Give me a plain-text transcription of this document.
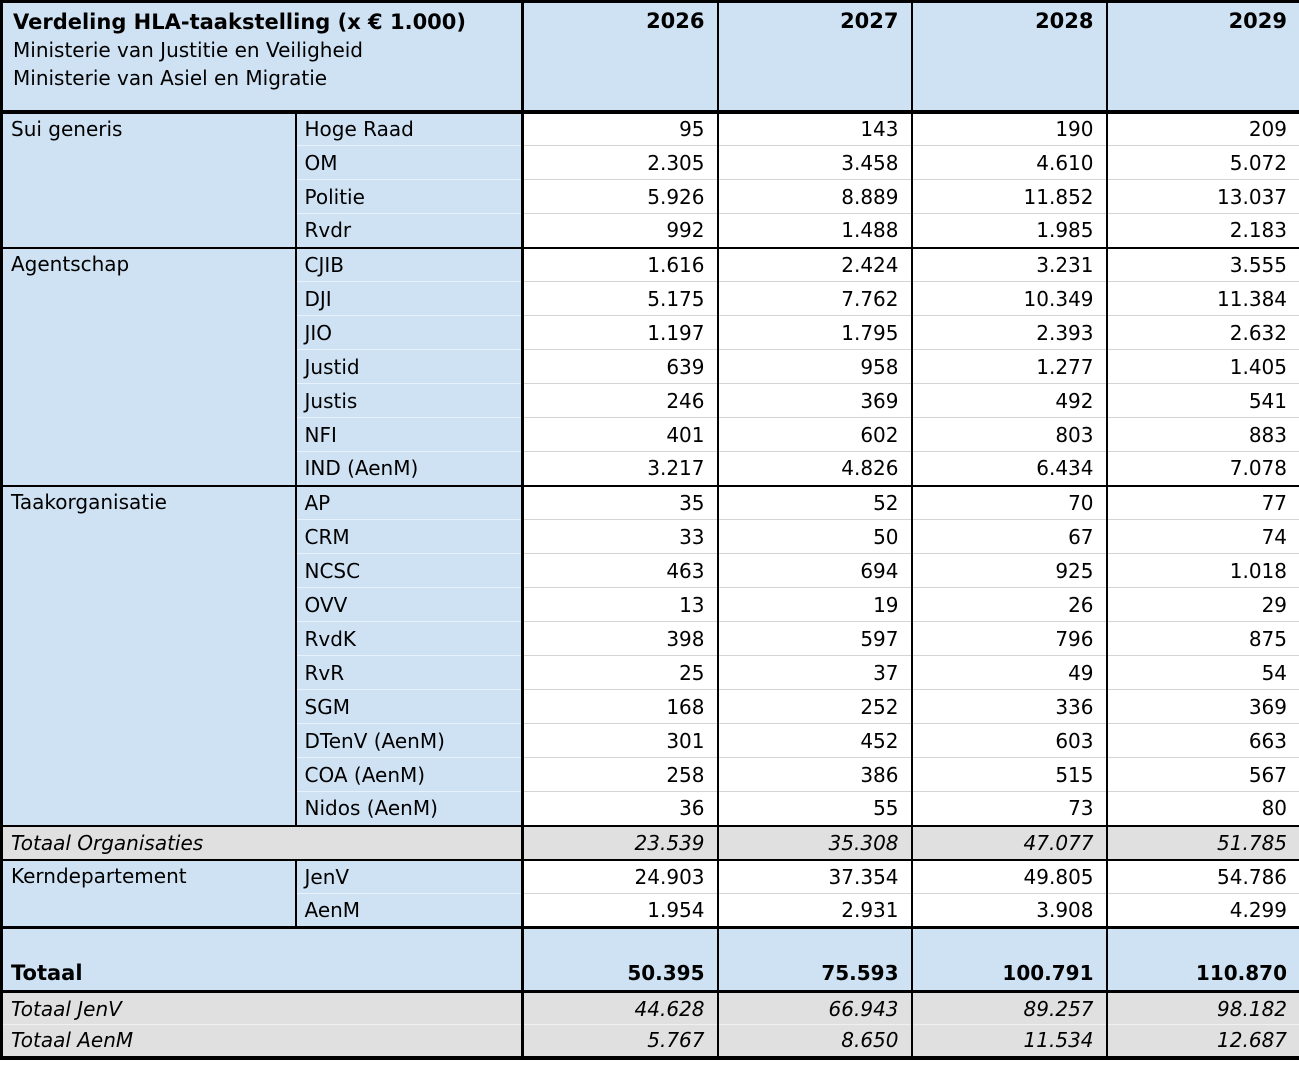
Verdeling HLA-taakstelling (x € 1.000)
Ministerie van Justitie en Veiligheid
Ministerie van Asiel en Migratie		2026	2027	2028	2029
Sui generis	Hoge Raad	95	143	190	209
	OM	2.305	3.458	4.610	5.072
	Politie	5.926	8.889	11.852	13.037
	Rvdr	992	1.488	1.985	2.183
Agentschap	CJIB	1.616	2.424	3.231	3.555
	DJI	5.175	7.762	10.349	11.384
	JIO	1.197	1.795	2.393	2.632
	Justid	639	958	1.277	1.405
	Justis	246	369	492	541
	NFI	401	602	803	883
	IND (AenM)	3.217	4.826	6.434	7.078
Taakorganisatie	AP	35	52	70	77
	CRM	33	50	67	74
	NCSC	463	694	925	1.018
	OVV	13	19	26	29
	RvdK	398	597	796	875
	RvR	25	37	49	54
	SGM	168	252	336	369
	DTenV (AenM)	301	452	603	663
	COA (AenM)	258	386	515	567
	Nidos (AenM)	36	55	73	80
Totaal Organisaties		23.539	35.308	47.077	51.785
Kerndepartement	JenV	24.903	37.354	49.805	54.786
	AenM	1.954	2.931	3.908	4.299
Totaal		50.395	75.593	100.791	110.870
Totaal JenV		44.628	66.943	89.257	98.182
Totaal AenM		5.767	8.650	11.534	12.687
